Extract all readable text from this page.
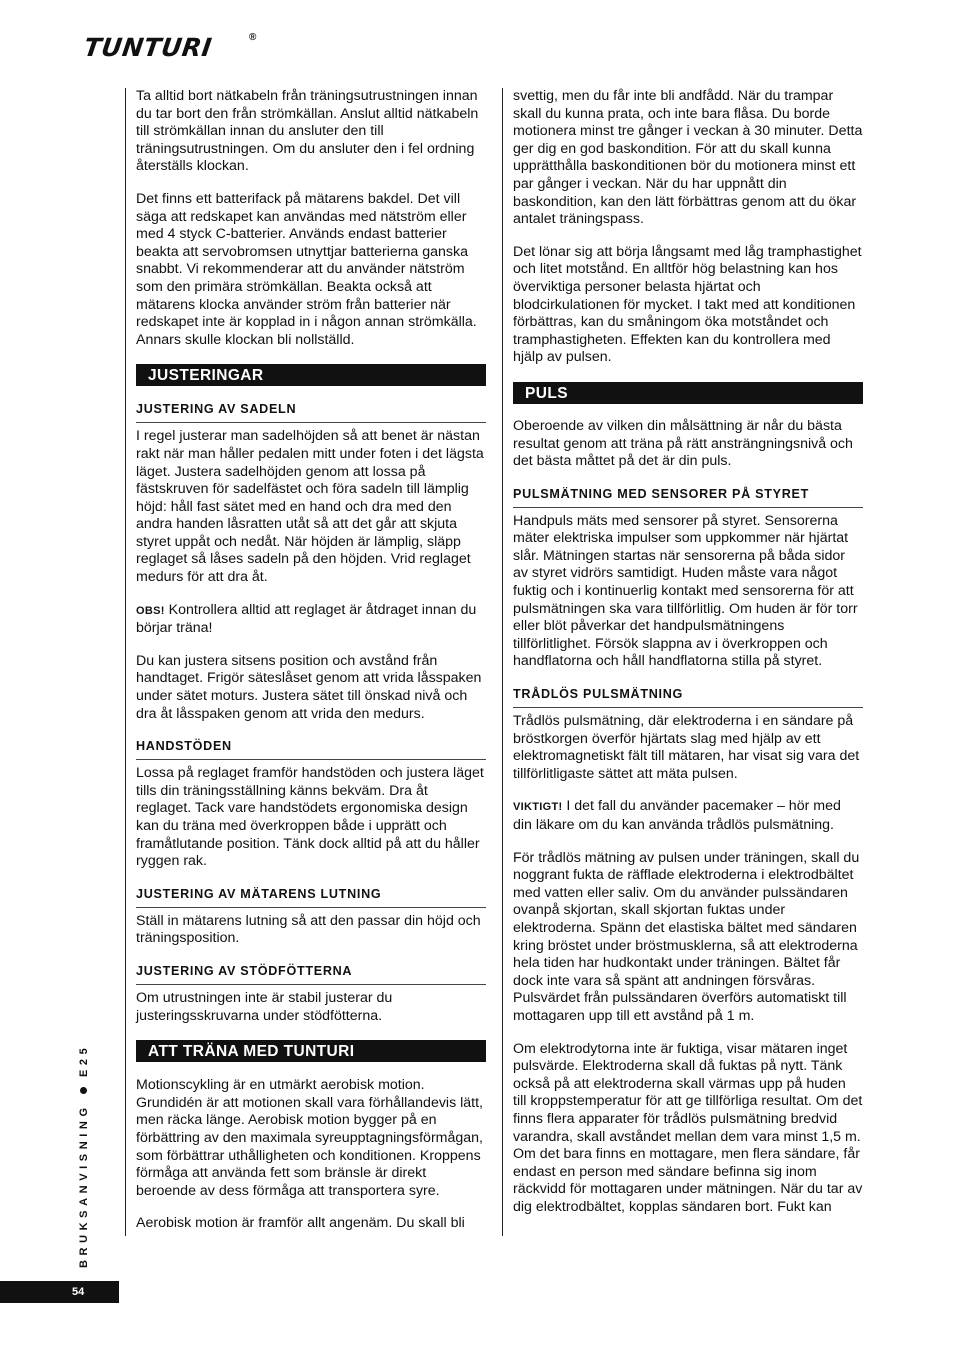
TUNTURI	®

Ta alltid bort nätkabeln från träningsutrustningen innan du tar bort den från strömkällan. Anslut alltid nätkabeln till strömkällan innan du ansluter den till träningsutrustningen. Om du ansluter den i fel ordning återställs klockan.

Det finns ett batterifack på mätarens bakdel. Det vill säga att redskapet kan användas med nätström eller med 4 styck C-batterier. Används endast batterier beakta att servobromsen utnyttjar batterierna ganska snabbt. Vi rekommenderar att du använder nätström som den primära strömkällan. Beakta också att mätarens klocka använder ström från batterier när redskapet inte är kopplad in i någon annan strömkälla. Annars skulle klockan bli nollställd.

JUSTERINGAR
JUSTERING AV SADELN

I regel justerar man sadelhöjden så att benet är nästan rakt när man håller pedalen mitt under foten i det lägsta läget. Justera sadelhöjden genom att lossa på fästskruven för sadelfästet och föra sadeln till lämplig höjd: håll fast sätet med en hand och dra med den andra handen låsratten utåt så att det går att skjuta styret uppåt och nedåt. När höjden är lämplig, släpp reglaget så låses sadeln på den höjden. Vrid reglaget medurs för att dra åt.

OBS! Kontrollera alltid att reglaget är åtdraget innan du börjar träna!

Du kan justera sitsens position och avstånd från handtaget. Frigör säteslåset genom att vrida låsspaken under sätet moturs. Justera sätet till önskad nivå och dra åt låsspaken genom att vrida den medurs.

HANDSTÖDEN

Lossa på reglaget framför handstöden och justera läget tills din träningsställning känns bekväm. Dra åt reglaget. Tack vare handstödets ergonomiska design kan du träna med överkroppen både i upprätt och framåtlutande position. Tänk dock alltid på att du håller ryggen rak.

JUSTERING AV MÄTARENS LUTNING

Ställ in mätarens lutning så att den passar din höjd och träningsposition.

JUSTERING AV STÖDFÖTTERNA

Om utrustningen inte är stabil justerar du justeringsskruvarna under stödfötterna.

ATT TRÄNA MED TUNTURI

Motionscykling är en utmärkt aerobisk motion. Grundidén är att motionen skall vara förhållandevis lätt, men räcka länge. Aerobisk motion bygger på en förbättring av den maximala syreupptagningsförmågan, som förbättrar uthålligheten och konditionen. Kroppens förmåga att använda fett som bränsle är direkt beroende av dess förmåga att transportera syre.

Aerobisk motion är framför allt angenäm. Du skall bli

svettig, men du får inte bli andfådd. När du trampar skall du kunna prata, och inte bara flåsa. Du borde motionera minst tre gånger i veckan à 30 minuter. Detta ger dig en god baskondition. För att du skall kunna upprätthålla baskonditionen bör du motionera minst ett par gånger i veckan. När du har uppnått din baskondition, kan den lätt förbättras genom att du ökar antalet träningspass.

Det lönar sig att börja långsamt med låg tramphastighet och litet motstånd. En alltför hög belastning kan hos överviktiga personer belasta hjärtat och blodcirkulationen för mycket. I takt med att konditionen förbättras, kan du småningom öka motståndet och tramphastigheten. Effekten kan du kontrollera med hjälp av pulsen.

PULS

Oberoende av vilken din målsättning är når du bästa resultat genom att träna på rätt ansträngningsnivå och det bästa måttet på det är din puls.

PULSMÄTNING MED SENSORER PÅ STYRET

Handpuls mäts med sensorer på styret. Sensorerna mäter elektriska impulser som uppkommer när hjärtat slår. Mätningen startas när sensorerna på båda sidor av styret vidrörs samtidigt. Huden måste vara något fuktig och i kontinuerlig kontakt med sensorerna för att pulsmätningen ska vara tillförlitlig. Om huden är för torr eller blöt påverkar det handpulsmätningens tillförlitlighet. Försök slappna av i överkroppen och handflatorna och håll handflatorna stilla på styret.

TRÅDLÖS PULSMÄTNING

Trådlös pulsmätning, där elektroderna i en sändare på bröstkorgen överför hjärtats slag med hjälp av ett elektromagnetiskt fält till mätaren, har visat sig vara det tillförlitligaste sättet att mäta pulsen.

VIKTIGT! I det fall du använder pacemaker – hör med din läkare om du kan använda trådlös pulsmätning.

För trådlös mätning av pulsen under träningen, skall du noggrant fukta de räfflade elektroderna i elektrodbältet med vatten eller saliv. Om du använder pulssändaren ovanpå skjortan, skall skjortan fuktas under elektroderna. Spänn det elastiska bältet med sändaren kring bröstet under bröstmusklerna, så att elektroderna hela tiden har hudkontakt under träningen. Bältet får dock inte vara så spänt att andningen försvåras. Pulsvärdet från pulssändaren överförs automatiskt till mottagaren upp till ett avstånd på 1 m.

Om elektrodytorna inte är fuktiga, visar mätaren inget pulsvärde. Elektroderna skall då fuktas på nytt. Tänk också på att elektroderna skall värmas upp på huden till kroppstemperatur för att ge tillförliga resultat. Om det finns flera apparater för trådlös pulsmätning bredvid varandra, skall avståndet mellan dem vara minst 1,5 m. Om det bara finns en mottagare, men flera sändare, får endast en person med sändare befinna sig inom räckvidd för mottagaren under mätningen. När du tar av dig elektrodbältet, kopplas sändaren bort. Fukt kan

BRUKSANVISNING  E25
54
